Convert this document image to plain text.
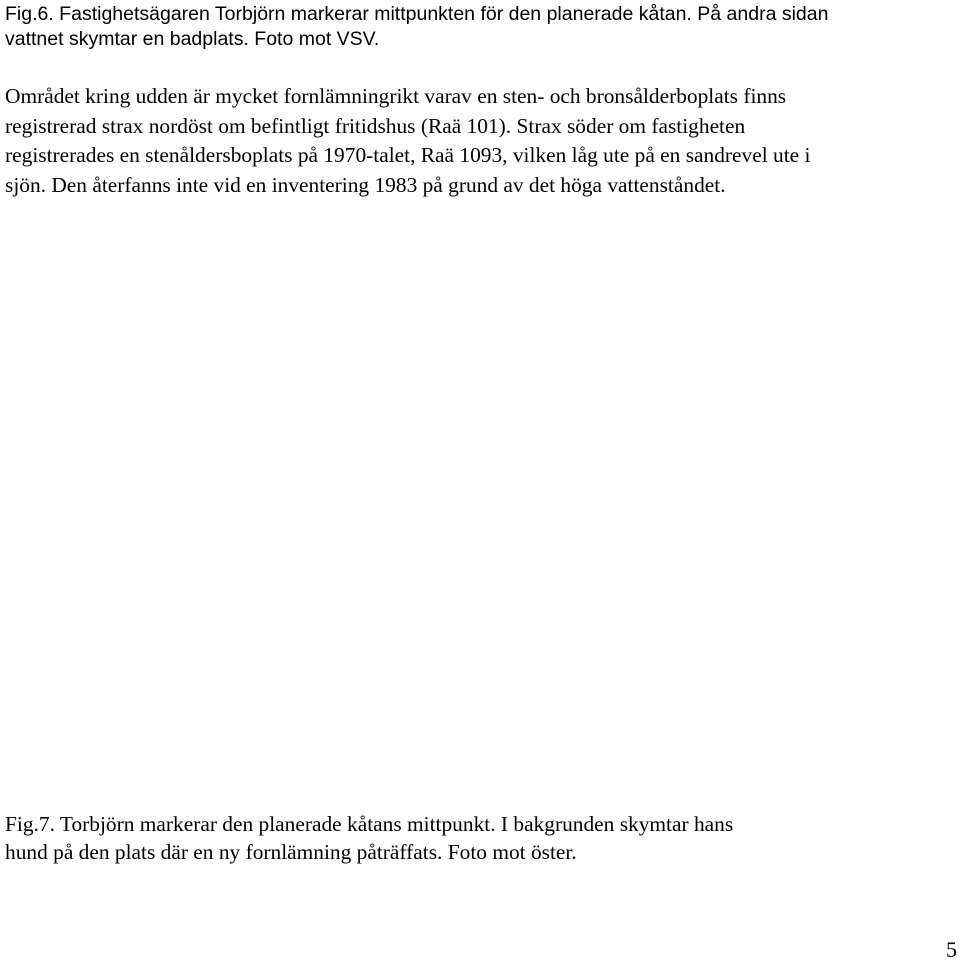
Fig.6. Fastighetsägaren Torbjörn markerar mittpunkten för den planerade kåtan. På andra sidan
vattnet skymtar en badplats. Foto mot VSV.

Området kring udden är mycket fornlämningrikt varav en sten- och bronsålderboplats finns
registrerad strax nordöst om befintligt fritidshus (Raä 101). Strax söder om fastigheten
registrerades en stenåldersboplats på 1970-talet, Raä 1093, vilken låg ute på en sandrevel ute i
sjön. Den återfanns inte vid en inventering 1983 på grund av det höga vattenståndet.

Fig.7. Torbjörn markerar den planerade kåtans mittpunkt. I bakgrunden skymtar hans
hund på den plats där en ny fornlämning påträffats. Foto mot öster.

5
